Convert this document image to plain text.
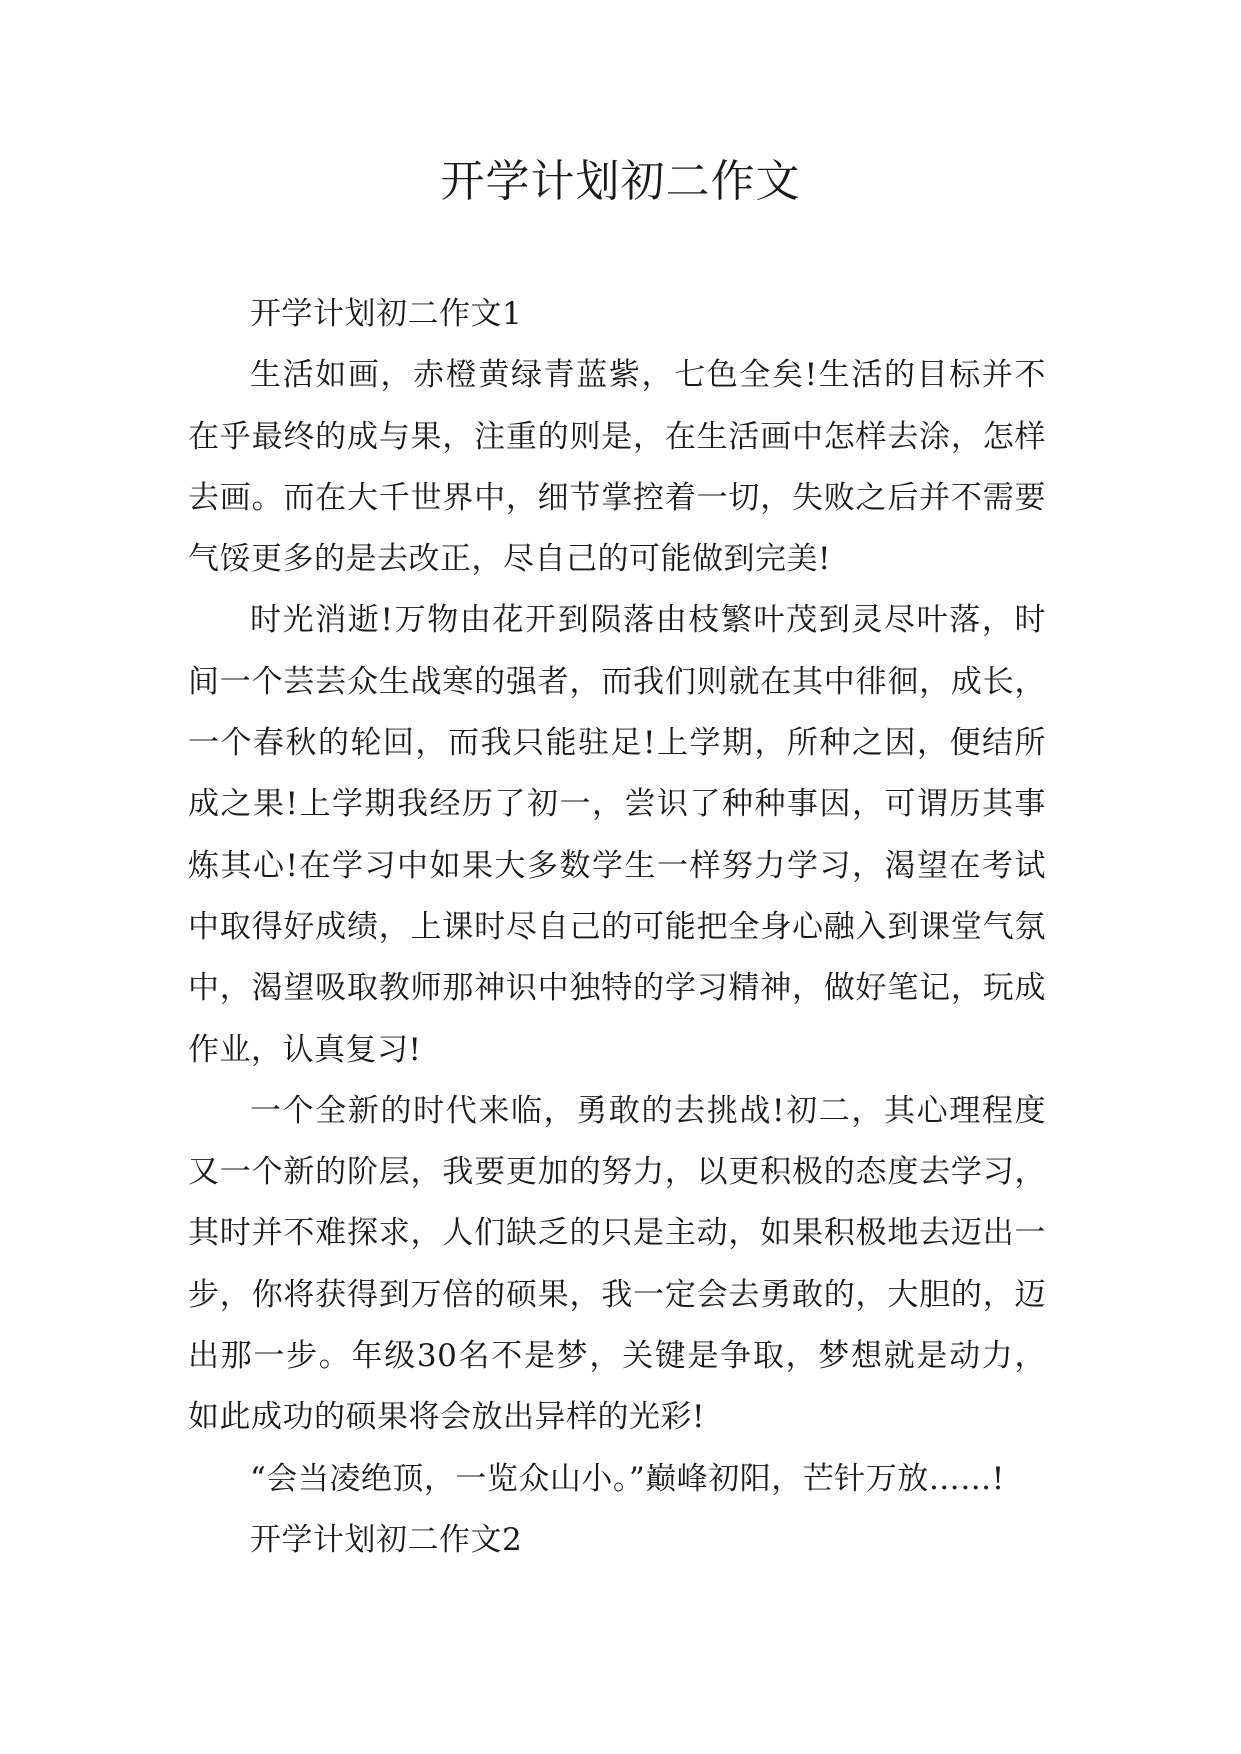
开学计划初二作文

开学计划初二作文1

生活如画，赤橙黄绿青蓝紫，七色全矣!生活的目标并不在乎最终的成与果，注重的则是，在生活画中怎样去涂，怎样去画。而在大千世界中，细节掌控着一切，失败之后并不需要气馁更多的是去改正，尽自己的可能做到完美!

时光消逝!万物由花开到陨落由枝繁叶茂到灵尽叶落，时间一个芸芸众生战寒的强者，而我们则就在其中徘徊，成长，一个春秋的轮回，而我只能驻足!上学期，所种之因，便结所成之果!上学期我经历了初一，尝识了种种事因，可谓历其事炼其心!在学习中如果大多数学生一样努力学习，渴望在考试中取得好成绩，上课时尽自己的可能把全身心融入到课堂气氛中，渴望吸取教师那神识中独特的学习精神，做好笔记，玩成作业，认真复习!

一个全新的时代来临，勇敢的去挑战!初二，其心理程度又一个新的阶层，我要更加的努力，以更积极的态度去学习，其时并不难探求，人们缺乏的只是主动，如果积极地去迈出一步，你将获得到万倍的硕果，我一定会去勇敢的，大胆的，迈出那一步。年级30名不是梦，关键是争取，梦想就是动力，如此成功的硕果将会放出异样的光彩!

“会当凌绝顶，一览众山小。”巅峰初阳，芒针万放……!

开学计划初二作文2
